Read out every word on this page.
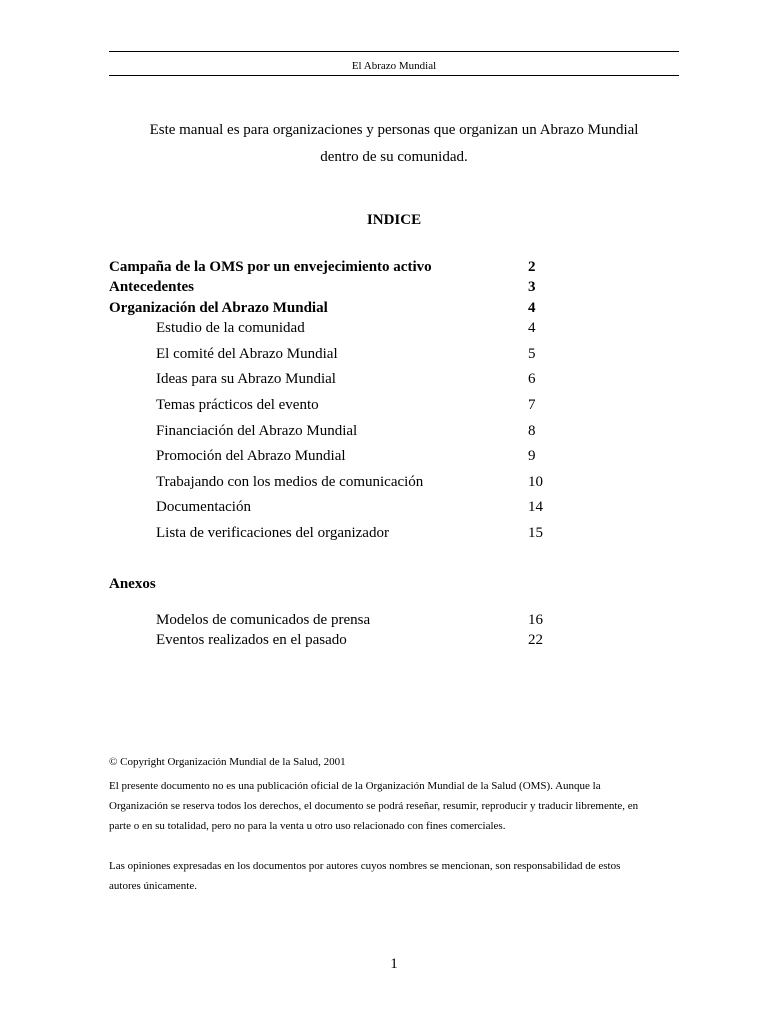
El Abrazo Mundial
Este manual es para organizaciones y personas que organizan un Abrazo Mundial
dentro de su comunidad.
INDICE
Campaña de la OMS por un envejecimiento activo	2
Antecedentes	3
Organización del Abrazo Mundial	4
Estudio de la comunidad	4
El comité del Abrazo Mundial	5
Ideas para su Abrazo Mundial	6
Temas prácticos del evento	7
Financiación del Abrazo Mundial	8
Promoción del Abrazo Mundial	9
Trabajando con los medios de comunicación	10
Documentación	14
Lista de verificaciones del organizador	15
Anexos
Modelos de comunicados de prensa	16
Eventos realizados en el pasado	22
© Copyright Organización Mundial de la Salud, 2001
El presente documento no es una publicación oficial de la Organización Mundial de la Salud (OMS). Aunque la
Organización se reserva todos los derechos, el documento se podrá reseñar, resumir, reproducir y traducir libremente, en
parte o en su totalidad, pero no para la venta u otro uso relacionado con fines comerciales.
Las opiniones expresadas en los documentos por autores cuyos nombres se mencionan, son responsabilidad de estos
autores únicamente.
1
